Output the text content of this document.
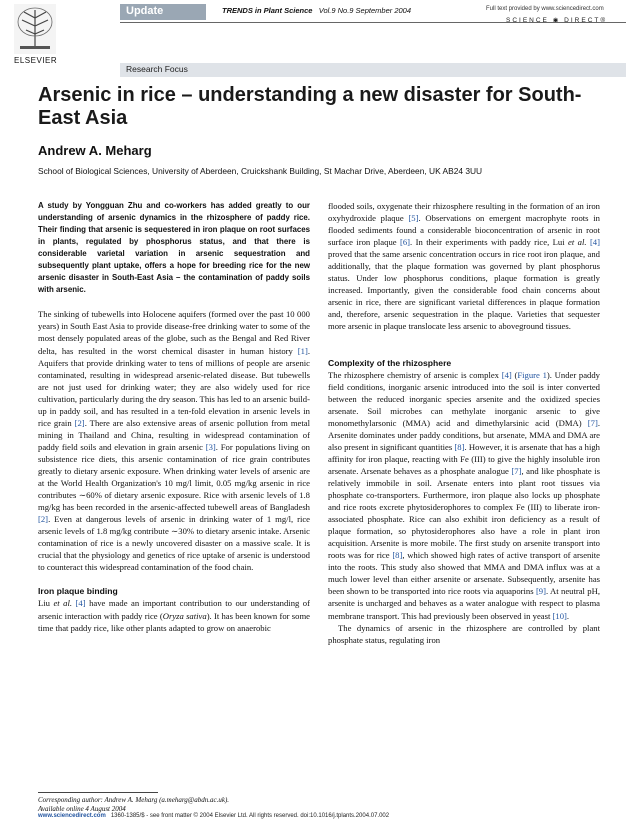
ELSEVIER
Update	TRENDS in Plant Science Vol.9 No.9 September 2004	Full text provided by www.sciencedirect.com
SCIENCE ◉ DIRECT®
Research Focus
Arsenic in rice – understanding a new disaster for South-East Asia
Andrew A. Meharg
School of Biological Sciences, University of Aberdeen, Cruickshank Building, St Machar Drive, Aberdeen, UK AB24 3UU

A study by Yongguan Zhu and co-workers has added greatly to our understanding of arsenic dynamics in the rhizosphere of paddy rice. Their finding that arsenic is sequestered in iron plaque on root surfaces in plants, regulated by phosphorus status, and that there is considerable varietal variation in arsenic sequestration and subsequently plant uptake, offers a hope for breeding rice for the new arsenic disaster in South-East Asia – the contamination of paddy soils with arsenic.

The sinking of tubewells into Holocene aquifers (formed over the past 10 000 years) in South East Asia to provide disease-free drinking water to some of the most densely populated areas of the globe, such as the Bengal and Red River delta, has resulted in the worst chemical disaster in human history [1]. Aquifers that provide drinking water to tens of millions of people are arsenic contaminated, resulting in widespread arsenic-related disease. But tubewells are not just used for drinking water; they are also widely used for rice cultivation, particularly during the dry season. This has led to an arsenic build-up in paddy soil, and has resulted in a ten-fold elevation in arsenic levels in rice grain [2]. There are also extensive areas of arsenic pollution from metal mining in Thailand and China, resulting in widespread contamination of paddy field soils and elevation in grain arsenic [3]. For populations living on subsistence rice diets, this arsenic contamination of rice grain contributes greatly to dietary arsenic exposure. When drinking water levels of arsenic are at the World Health Organization's 10 mg/l limit, 0.05 mg/kg arsenic in rice contributes ∼60% of dietary arsenic exposure. Rice with arsenic levels of 1.8 mg/kg has been recorded in the arsenic-affected tubewell areas of Bangladesh [2]. Even at dangerous levels of arsenic in drinking water of 1 mg/l, rice arsenic levels of 1.8 mg/kg contribute ∼30% to dietary arsenic intake. Arsenic contamination of rice is a newly uncovered disaster on a massive scale. It is crucial that the physiology and genetics of rice uptake of arsenic is understood to counteract this widespread contamination of the food chain.

Iron plaque binding

Liu et al. [4] have made an important contribution to our understanding of arsenic interaction with paddy rice (Oryza sativa). It has been known for some time that paddy rice, like other plants adapted to grow on anaerobic

Corresponding author: Andrew A. Meharg (a.meharg@abdn.ac.uk).
Available online 4 August 2004

flooded soils, oxygenate their rhizosphere resulting in the formation of an iron oxyhydroxide plaque [5]. Observations on emergent macrophyte roots in flooded sediments found a considerable bioconcentration of arsenic in root surface iron plaque [6]. In their experiments with paddy rice, Lui et al. [4] proved that the same arsenic concentration occurs in rice root iron plaque, and additionally, that the plaque formation was governed by plant phosphorus status. Under low phosphorus conditions, plaque formation is greatly increased. Importantly, given the considerable food chain concerns about arsenic in rice, there are significant varietal differences in plaque formation and, therefore, arsenic sequestration in the plaque. Varieties that sequester more arsenic in plaque translocate less arsenic to aboveground tissues.

Complexity of the rhizosphere

The rhizosphere chemistry of arsenic is complex [4] (Figure 1). Under paddy field conditions, inorganic arsenic introduced into the soil is inter converted between the reduced inorganic species arsenite and the oxidized species arsenate. Soil microbes can methylate inorganic arsenic to give monomethylarsonic (MMA) acid and dimethylarsinic acid (DMA) [7]. Arsenite dominates under paddy conditions, but arsenate, MMA and DMA are also present in significant quantities [8]. However, it is arsenate that has a high affinity for iron plaque, reacting with Fe (III) to give the highly insoluble iron arsenate. Arsenate behaves as a phosphate analogue [7], and like phosphate is relatively immobile in soil. Arsenate enters into plant root tissues via phosphate co-transporters. Furthermore, iron plaque also locks up phosphate and rice roots excrete phytosiderophores to complex Fe (III) to liberate iron-associated phosphate. Rice can also exhibit iron deficiency as a result of plaque formation, so phytosiderophores also have a role in plant iron acquisition. Arsenite is more mobile. The first study on arsenite transport into roots was for rice [8], which showed high rates of active transport of arsenite into the roots. This study also showed that MMA and DMA influx was at a much lower level than either arsenite or arsenate. Subsequently, arsenite has been shown to be transported into rice roots via aquaporins [9]. At neutral pH, arsenite is uncharged and behaves as a water analogue with respect to plasma membrane transport. This had previously been observed in yeast [10].

The dynamics of arsenic in the rhizosphere are controlled by plant phosphate status, regulating iron

www.sciencedirect.com 1360-1385/$ - see front matter © 2004 Elsevier Ltd. All rights reserved. doi:10.1016/j.tplants.2004.07.002
